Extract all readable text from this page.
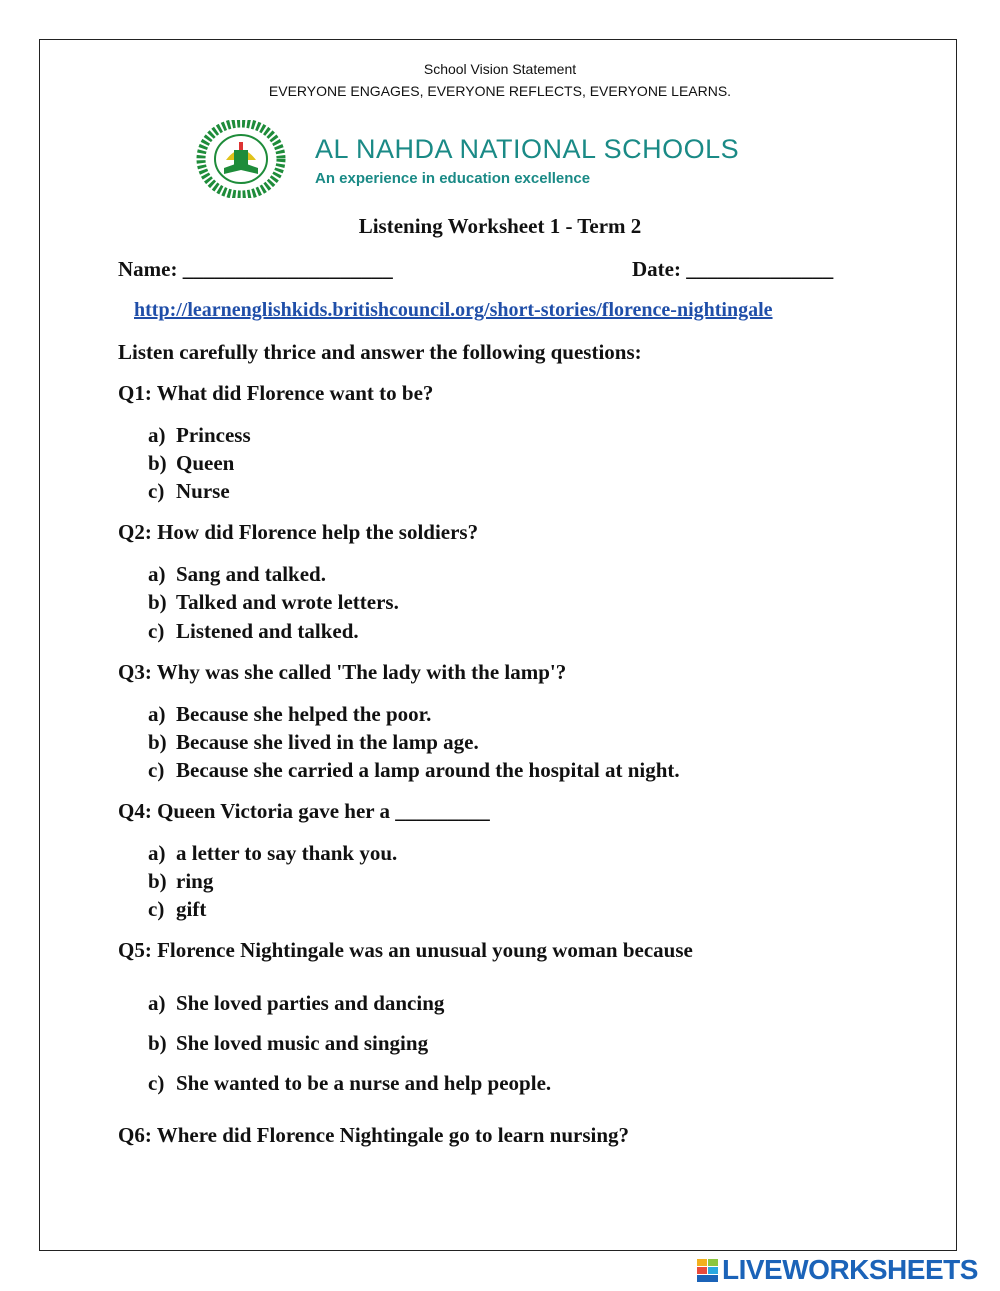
School Vision Statement
EVERYONE ENGAGES, EVERYONE REFLECTS, EVERYONE LEARNS.
AL NAHDA NATIONAL SCHOOLS
An experience in education excellence
Listening Worksheet 1 - Term 2
Name: ____________________	Date: ______________
http://learnenglishkids.britishcouncil.org/short-stories/florence-nightingale
Listen carefully thrice and answer the following questions:
Q1: What did Florence want to be?
a) Princess
b) Queen
c) Nurse
Q2: How did Florence help the soldiers?
a) Sang and talked.
b) Talked and wrote letters.
c) Listened and talked.
Q3: Why was she called 'The lady with the lamp'?
a) Because she helped the poor.
b) Because she lived in the lamp age.
c) Because she carried a lamp around the hospital at night.
Q4: Queen Victoria gave her a _________
a) a letter to say thank you.
b) ring
c) gift
Q5: Florence Nightingale was an unusual young woman because
a) She loved parties and dancing
b) She loved music and singing
c) She wanted to be a nurse and help people.
Q6: Where did Florence Nightingale go to learn nursing?
LIVEWORKSHEETS
